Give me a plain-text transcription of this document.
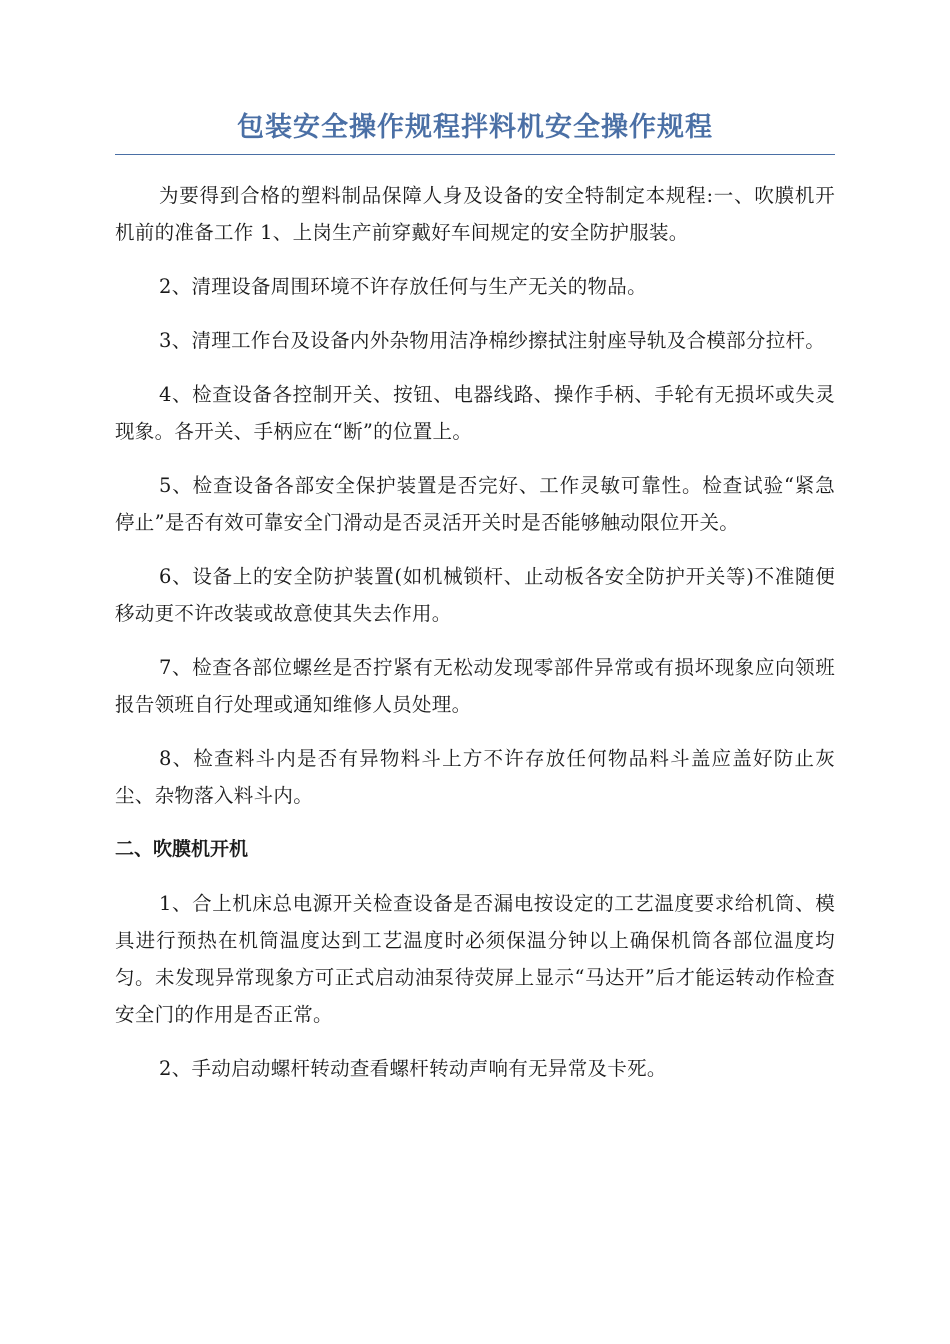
包装安全操作规程拌料机安全操作规程

为要得到合格的塑料制品保障人身及设备的安全特制定本规程:一、吹膜机开机前的准备工作 1、上岗生产前穿戴好车间规定的安全防护服装。

2、清理设备周围环境不许存放任何与生产无关的物品。

3、清理工作台及设备内外杂物用洁净棉纱擦拭注射座导轨及合模部分拉杆。

4、检查设备各控制开关、按钮、电器线路、操作手柄、手轮有无损坏或失灵现象。各开关、手柄应在“断”的位置上。

5、检查设备各部安全保护装置是否完好、工作灵敏可靠性。检查试验“紧急停止”是否有效可靠安全门滑动是否灵活开关时是否能够触动限位开关。

6、设备上的安全防护装置(如机械锁杆、止动板各安全防护开关等)不准随便移动更不许改装或故意使其失去作用。

7、检查各部位螺丝是否拧紧有无松动发现零部件异常或有损坏现象应向领班报告领班自行处理或通知维修人员处理。

8、检查料斗内是否有异物料斗上方不许存放任何物品料斗盖应盖好防止灰尘、杂物落入料斗内。

二、吹膜机开机

1、合上机床总电源开关检查设备是否漏电按设定的工艺温度要求给机筒、模具进行预热在机筒温度达到工艺温度时必须保温分钟以上确保机筒各部位温度均匀。未发现异常现象方可正式启动油泵待荧屏上显示“马达开”后才能运转动作检查安全门的作用是否正常。

2、手动启动螺杆转动查看螺杆转动声响有无异常及卡死。
